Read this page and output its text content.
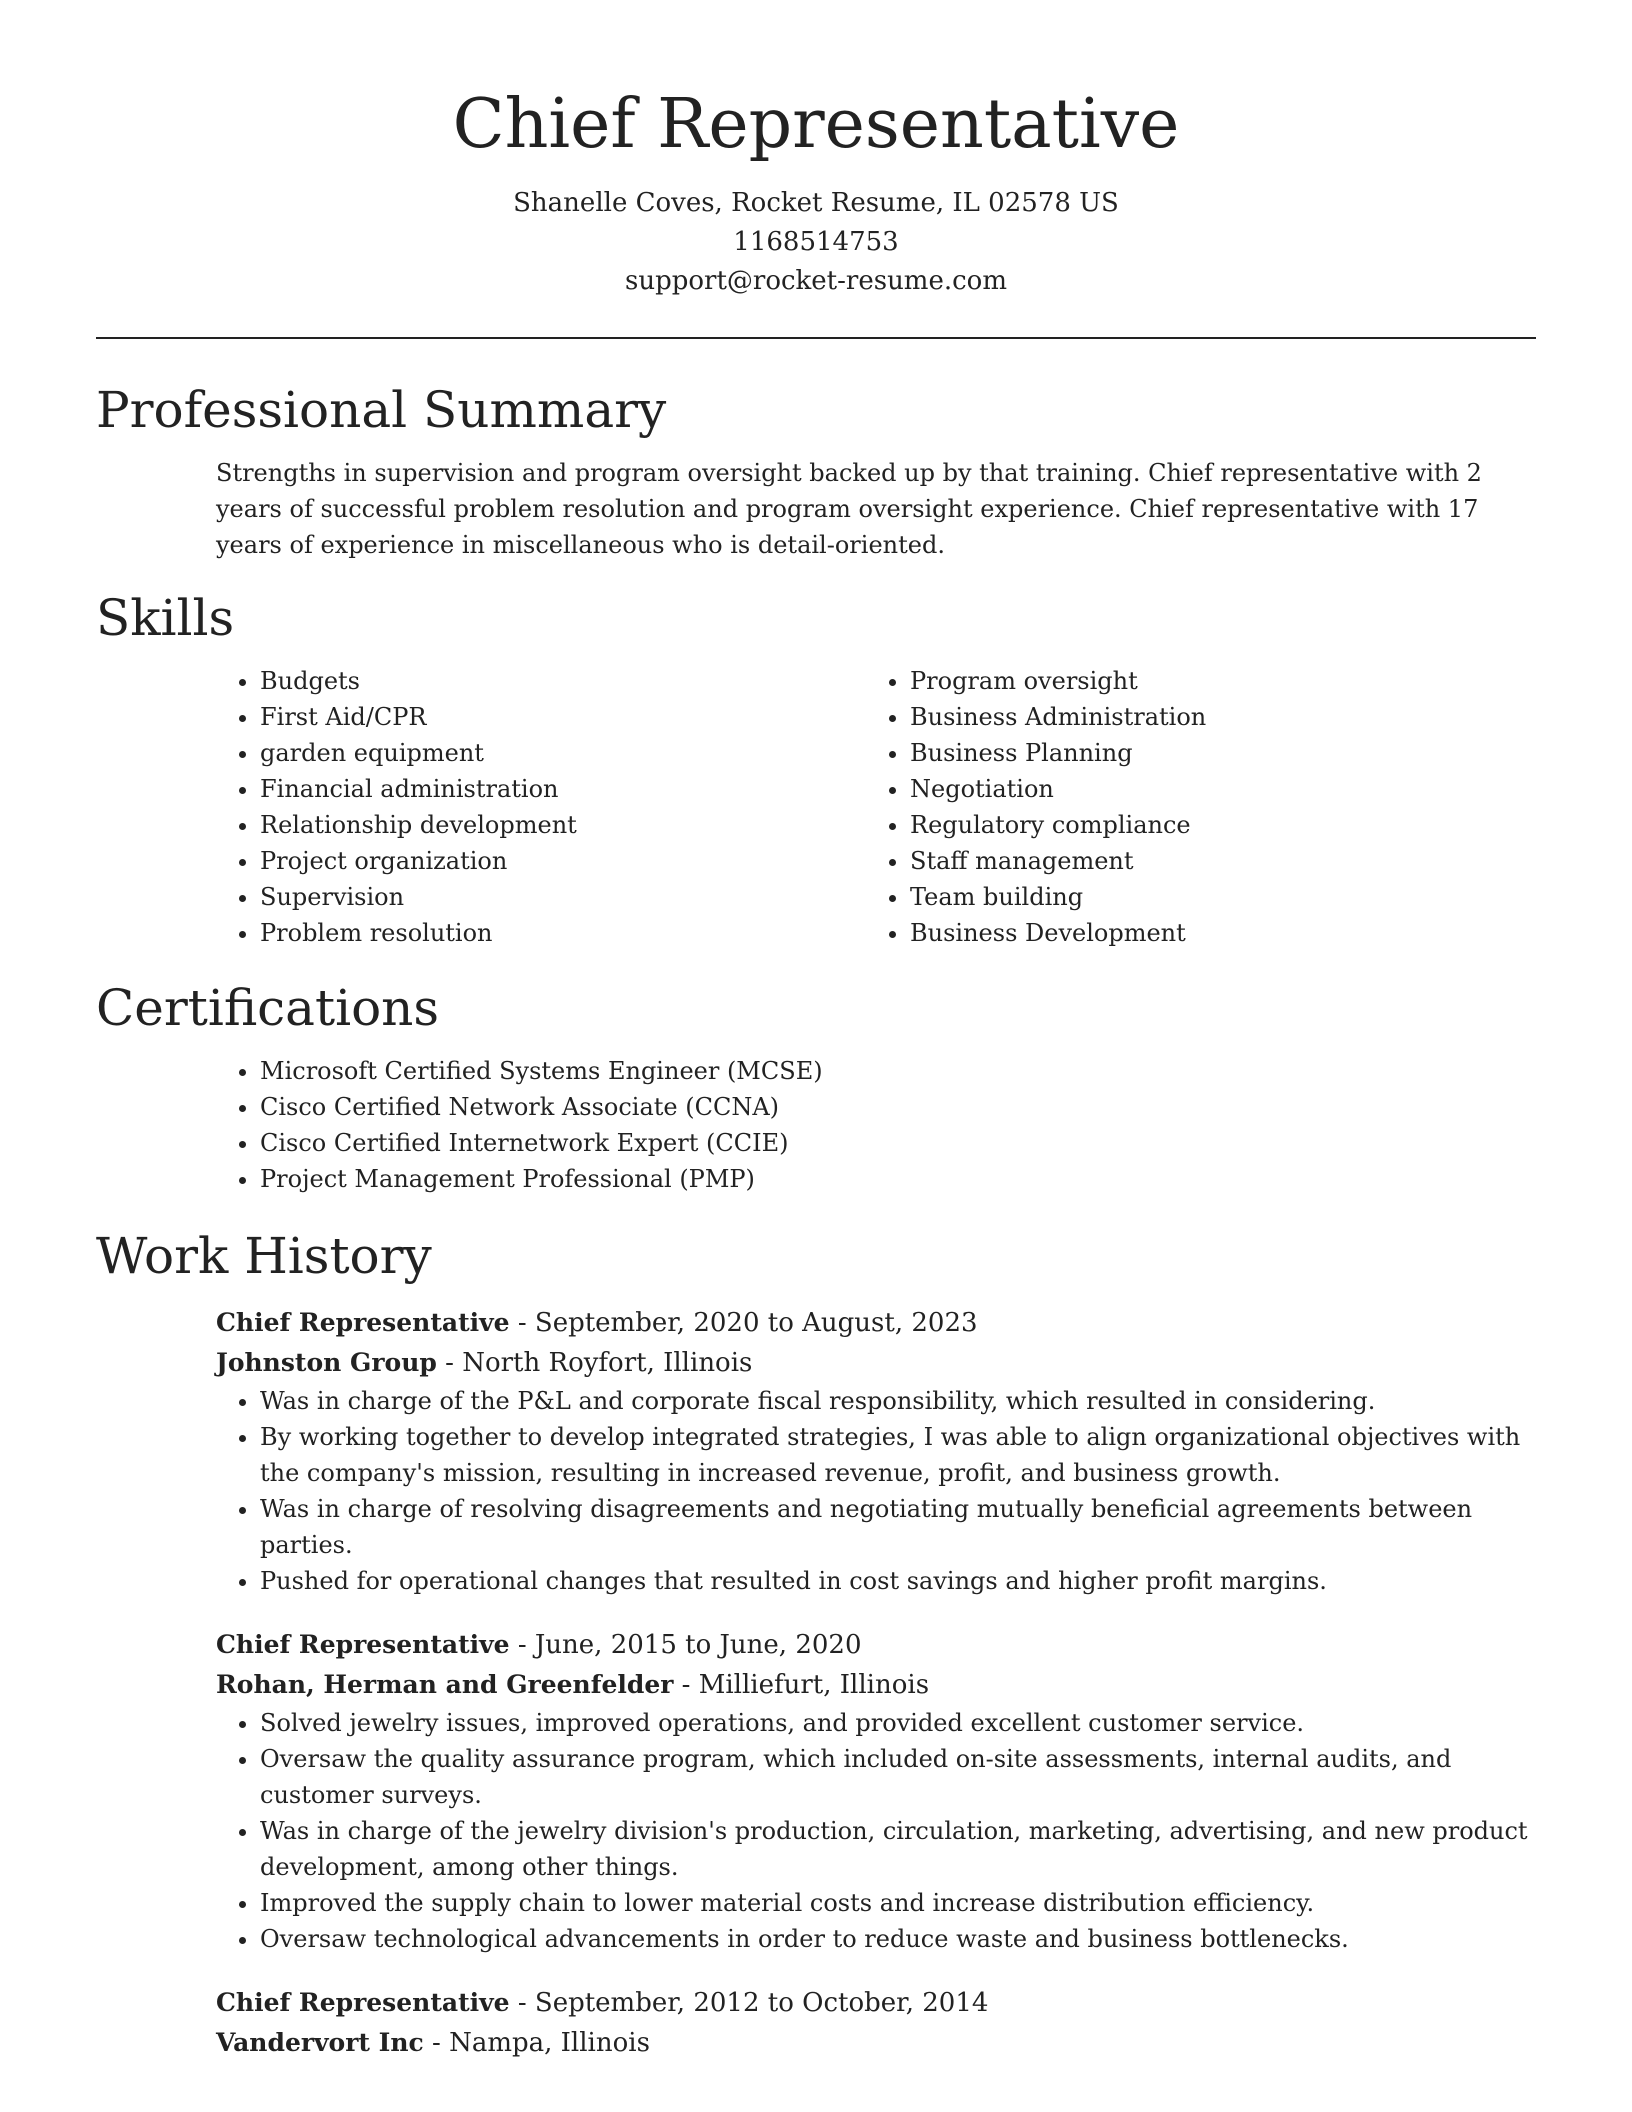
Chief Representative

Shanelle Coves, Rocket Resume, IL 02578 US

1168514753

support@rocket-resume.com

Professional Summary

Strengths in supervision and program oversight backed up by that training. Chief representative with 2 years of successful problem resolution and program oversight experience. Chief representative with 17 years of experience in miscellaneous who is detail-oriented.

Skills
• Budgets
• First Aid/CPR
• garden equipment
• Financial administration
• Relationship development
• Project organization
• Supervision
• Problem resolution
• Program oversight
• Business Administration
• Business Planning
• Negotiation
• Regulatory compliance
• Staff management
• Team building
• Business Development
Certifications
• Microsoft Certified Systems Engineer (MCSE)
• Cisco Certified Network Associate (CCNA)
• Cisco Certified Internetwork Expert (CCIE)
• Project Management Professional (PMP)
Work History

Chief Representative - September, 2020 to August, 2023

Johnston Group - North Royfort, Illinois

• Was in charge of the P&L and corporate fiscal responsibility, which resulted in considering.
• By working together to develop integrated strategies, I was able to align organizational objectives with the company's mission, resulting in increased revenue, profit, and business growth.
• Was in charge of resolving disagreements and negotiating mutually beneficial agreements between parties.
• Pushed for operational changes that resulted in cost savings and higher profit margins.

Chief Representative - June, 2015 to June, 2020

Rohan, Herman and Greenfelder - Milliefurt, Illinois

• Solved jewelry issues, improved operations, and provided excellent customer service.
• Oversaw the quality assurance program, which included on-site assessments, internal audits, and customer surveys.
• Was in charge of the jewelry division's production, circulation, marketing, advertising, and new product development, among other things.
• Improved the supply chain to lower material costs and increase distribution efficiency.
• Oversaw technological advancements in order to reduce waste and business bottlenecks.

Chief Representative - September, 2012 to October, 2014

Vandervort Inc - Nampa, Illinois
